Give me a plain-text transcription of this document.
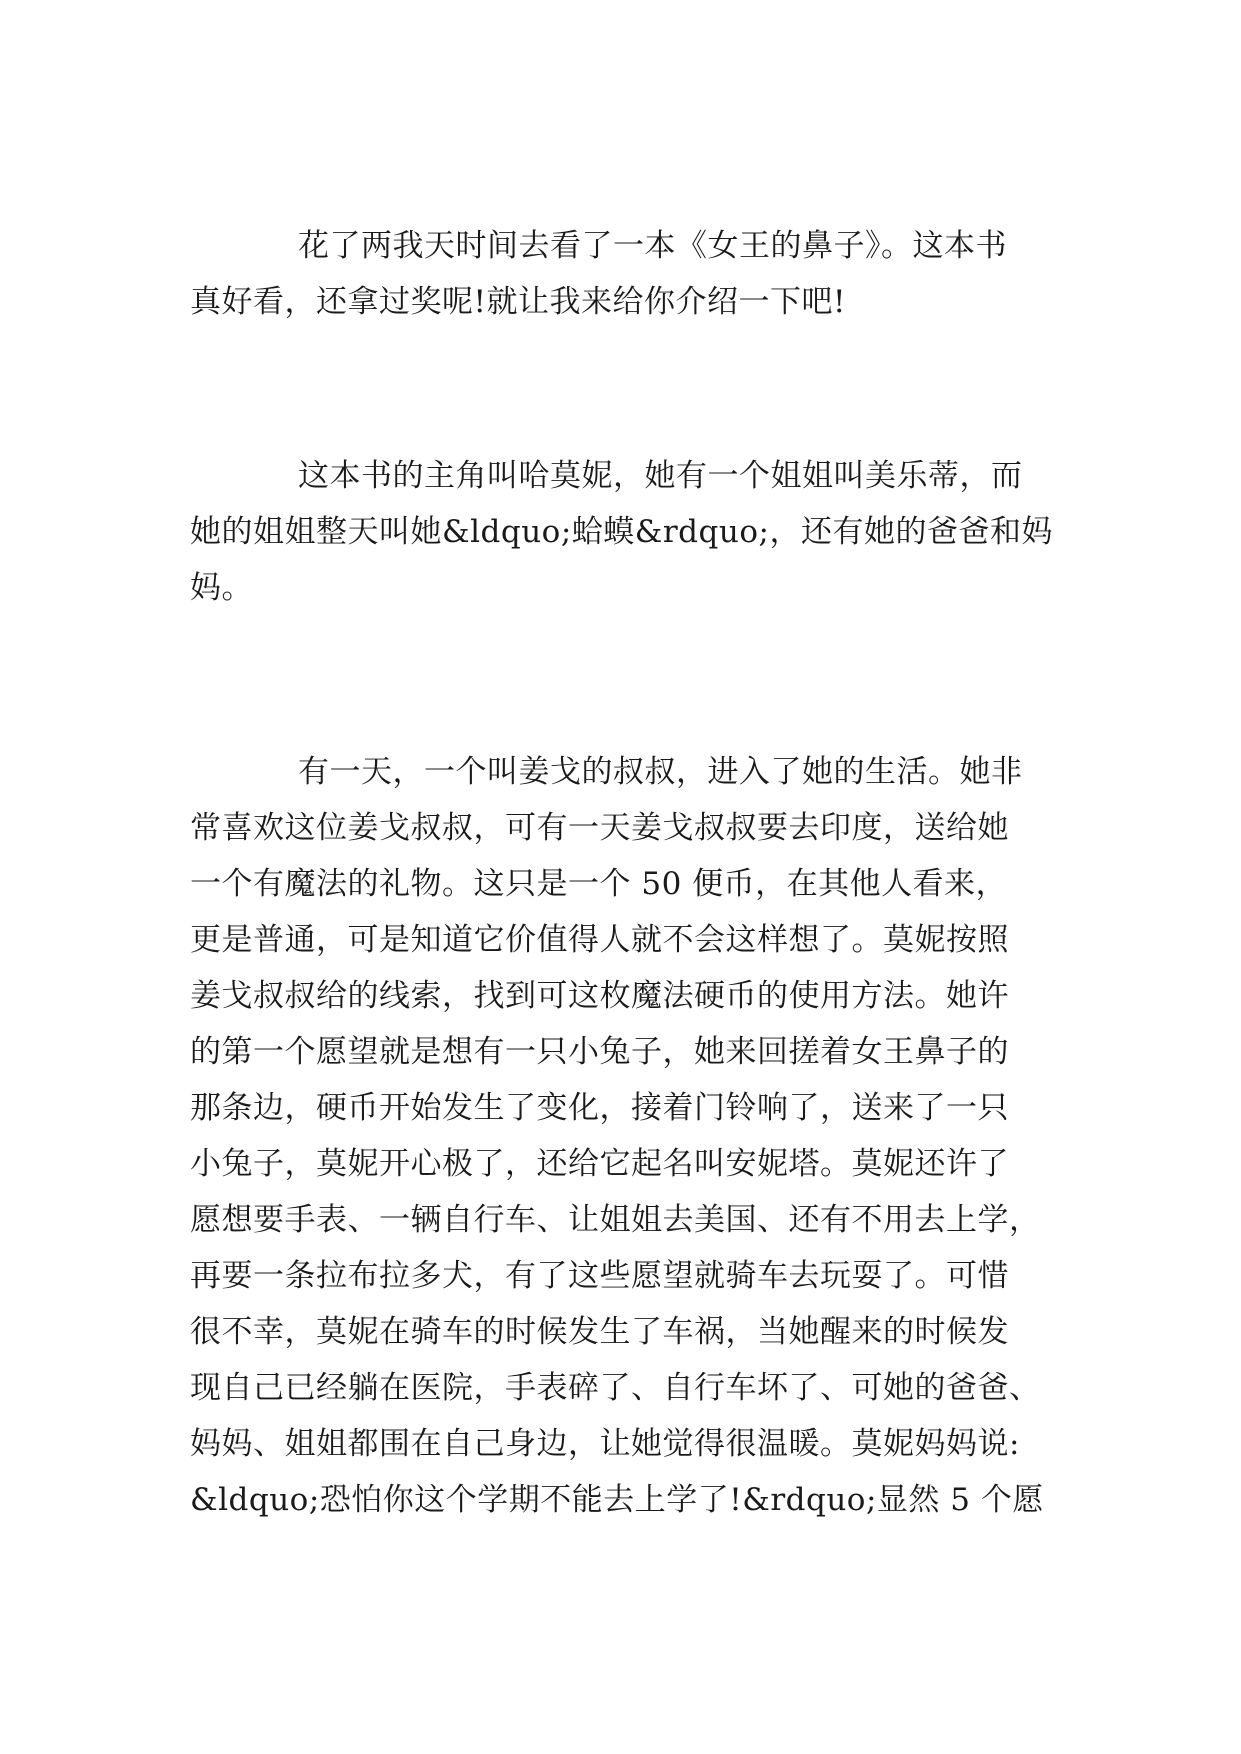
花了两我天时间去看了一本《女王的鼻子》。这本书
真好看，还拿过奖呢!就让我来给你介绍一下吧!
这本书的主角叫哈莫妮，她有一个姐姐叫美乐蒂，而
她的姐姐整天叫她&ldquo;蛤蟆&rdquo;，还有她的爸爸和妈
妈。
有一天，一个叫姜戈的叔叔，进入了她的生活。她非
常喜欢这位姜戈叔叔，可有一天姜戈叔叔要去印度，送给她
一个有魔法的礼物。这只是一个 50 便币，在其他人看来，
更是普通，可是知道它价值得人就不会这样想了。莫妮按照
姜戈叔叔给的线索，找到可这枚魔法硬币的使用方法。她许
的第一个愿望就是想有一只小兔子，她来回搓着女王鼻子的
那条边，硬币开始发生了变化，接着门铃响了，送来了一只
小兔子，莫妮开心极了，还给它起名叫安妮塔。莫妮还许了
愿想要手表、一辆自行车、让姐姐去美国、还有不用去上学，
再要一条拉布拉多犬，有了这些愿望就骑车去玩耍了。可惜
很不幸，莫妮在骑车的时候发生了车祸，当她醒来的时候发
现自己已经躺在医院，手表碎了、自行车坏了、可她的爸爸、
妈妈、姐姐都围在自己身边，让她觉得很温暖。莫妮妈妈说:
&ldquo;恐怕你这个学期不能去上学了!&rdquo;显然 5 个愿
